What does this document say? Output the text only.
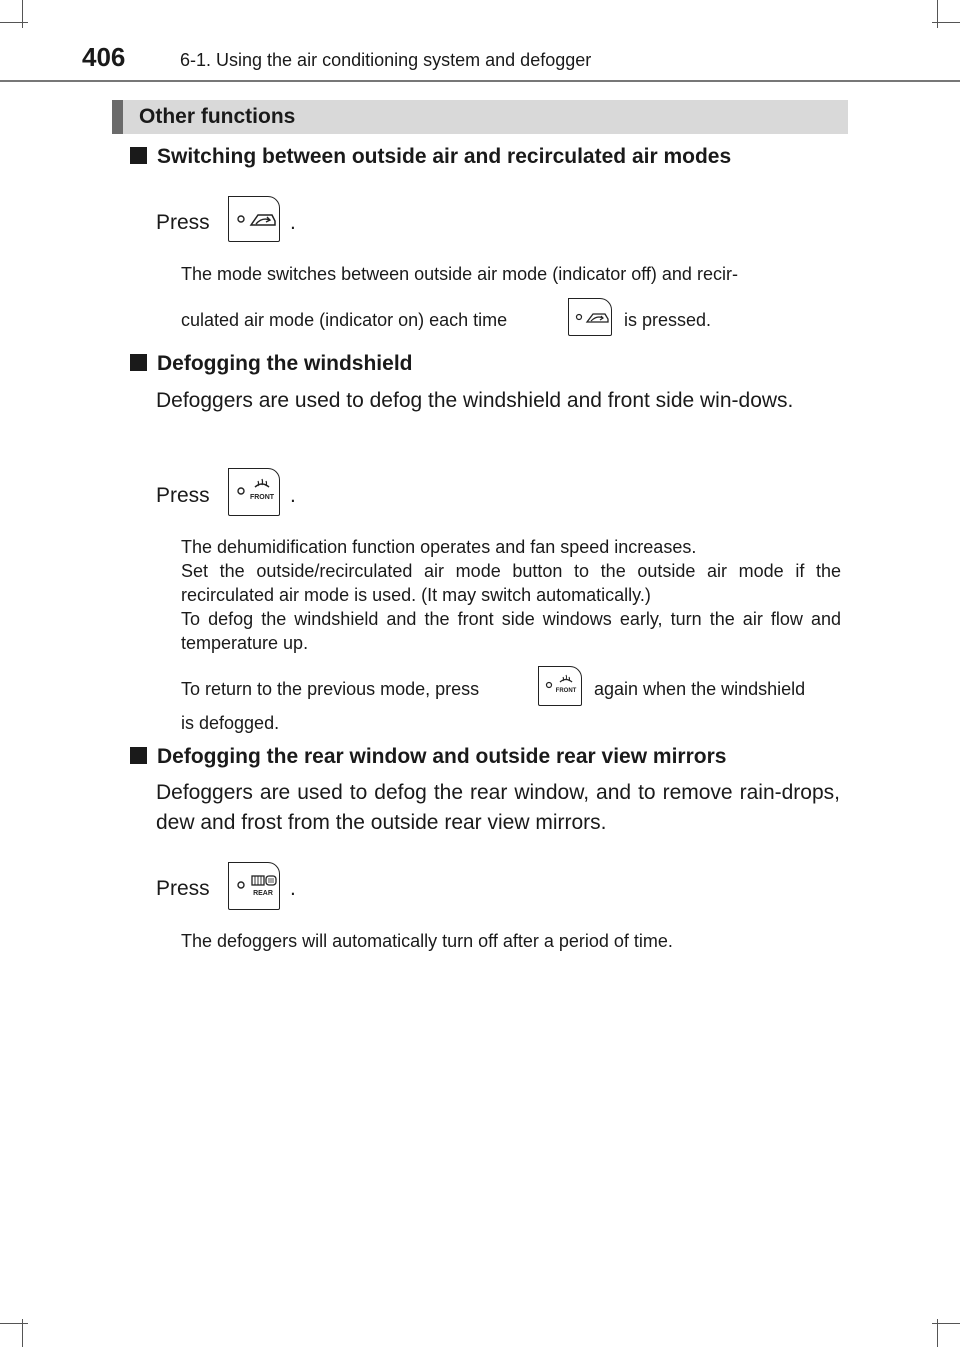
406	6-1. Using the air conditioning system and defogger
Other functions
Switching between outside air and recirculated air modes
Press	.
The mode switches between outside air mode (indicator off) and recir-
culated air mode (indicator on) each time	is pressed.
Defogging the windshield
Defoggers are used to defog the windshield and front side win-dows.
Press	FRONT .
The dehumidification function operates and fan speed increases.
Set the outside/recirculated air mode button to the outside air mode if the recirculated air mode is used. (It may switch automatically.)
To defog the windshield and the front side windows early, turn the air flow and temperature up.
To return to the previous mode, press	FRONT again when the windshield
is defogged.
Defogging the rear window and outside rear view mirrors
Defoggers are used to defog the rear window, and to remove rain-drops, dew and frost from the outside rear view mirrors.
Press	REAR .
The defoggers will automatically turn off after a period of time.
